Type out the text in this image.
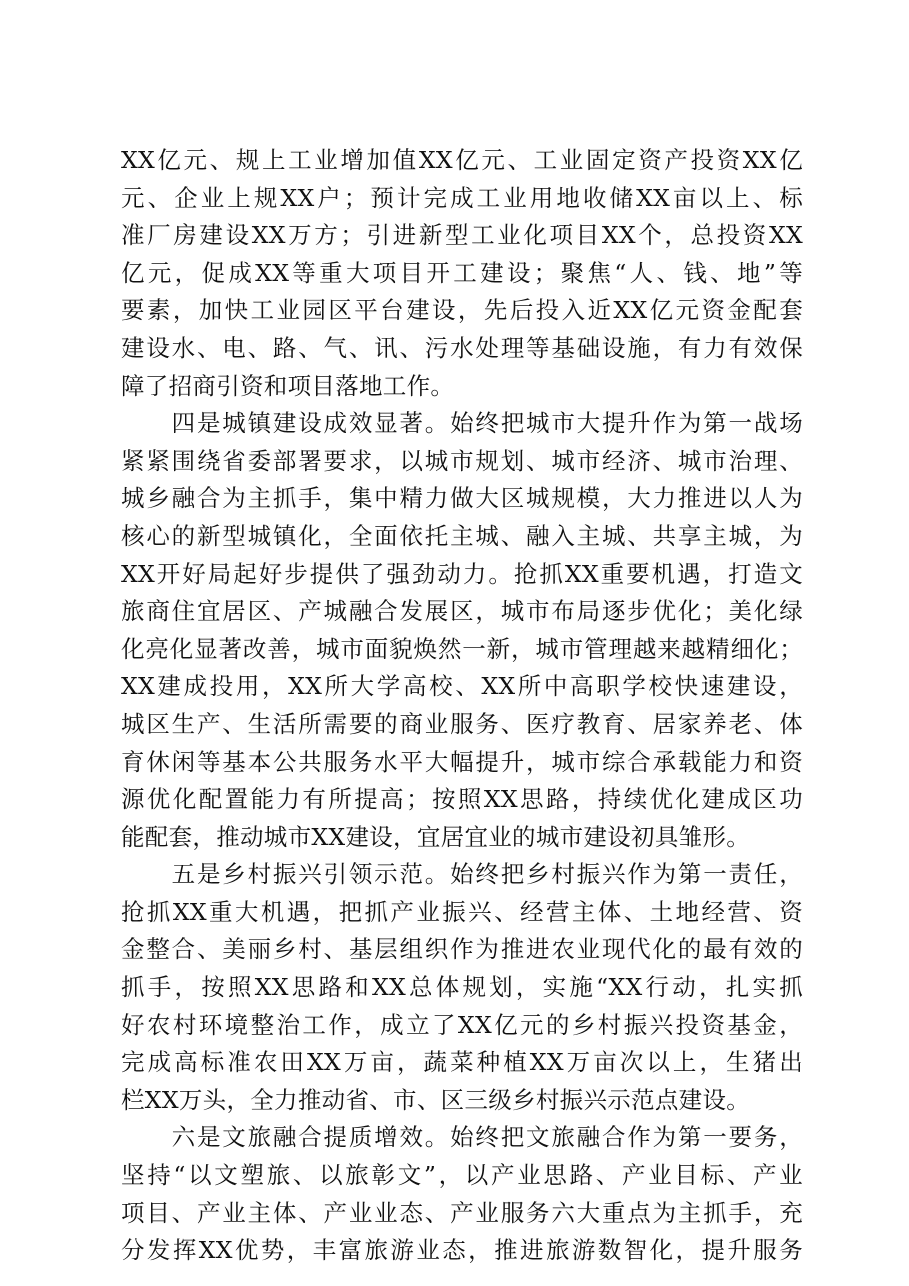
XX亿元、规上工业增加值XX亿元、工业固定资产投资XX亿
元、企业上规XX户；预计完成工业用地收储XX亩以上、标
准厂房建设XX万方；引进新型工业化项目XX个，总投资XX
亿元，促成XX等重大项目开工建设；聚焦“人、钱、地”等
要素，加快工业园区平台建设，先后投入近XX亿元资金配套
建设水、电、路、气、讯、污水处理等基础设施，有力有效保
障了招商引资和项目落地工作。
　　四是城镇建设成效显著。始终把城市大提升作为第一战场
紧紧围绕省委部署要求，以城市规划、城市经济、城市治理、
城乡融合为主抓手，集中精力做大区城规模，大力推进以人为
核心的新型城镇化，全面依托主城、融入主城、共享主城，为
XX开好局起好步提供了强劲动力。抢抓XX重要机遇，打造文
旅商住宜居区、产城融合发展区，城市布局逐步优化；美化绿
化亮化显著改善，城市面貌焕然一新，城市管理越来越精细化；
XX建成投用，XX所大学高校、XX所中高职学校快速建设，
城区生产、生活所需要的商业服务、医疗教育、居家养老、体
育休闲等基本公共服务水平大幅提升，城市综合承载能力和资
源优化配置能力有所提高；按照XX思路，持续优化建成区功
能配套，推动城市XX建设，宜居宜业的城市建设初具雏形。
　　五是乡村振兴引领示范。始终把乡村振兴作为第一责任，
抢抓XX重大机遇，把抓产业振兴、经营主体、土地经营、资
金整合、美丽乡村、基层组织作为推进农业现代化的最有效的
抓手，按照XX思路和XX总体规划，实施“XX行动，扎实抓
好农村环境整治工作，成立了XX亿元的乡村振兴投资基金，
完成高标准农田XX万亩，蔬菜种植XX万亩次以上，生猪出
栏XX万头，全力推动省、市、区三级乡村振兴示范点建设。
　　六是文旅融合提质增效。始终把文旅融合作为第一要务，
坚持“以文塑旅、以旅彰文”，以产业思路、产业目标、产业
项目、产业主体、产业业态、产业服务六大重点为主抓手，充
分发挥XX优势，丰富旅游业态，推进旅游数智化，提升服务
